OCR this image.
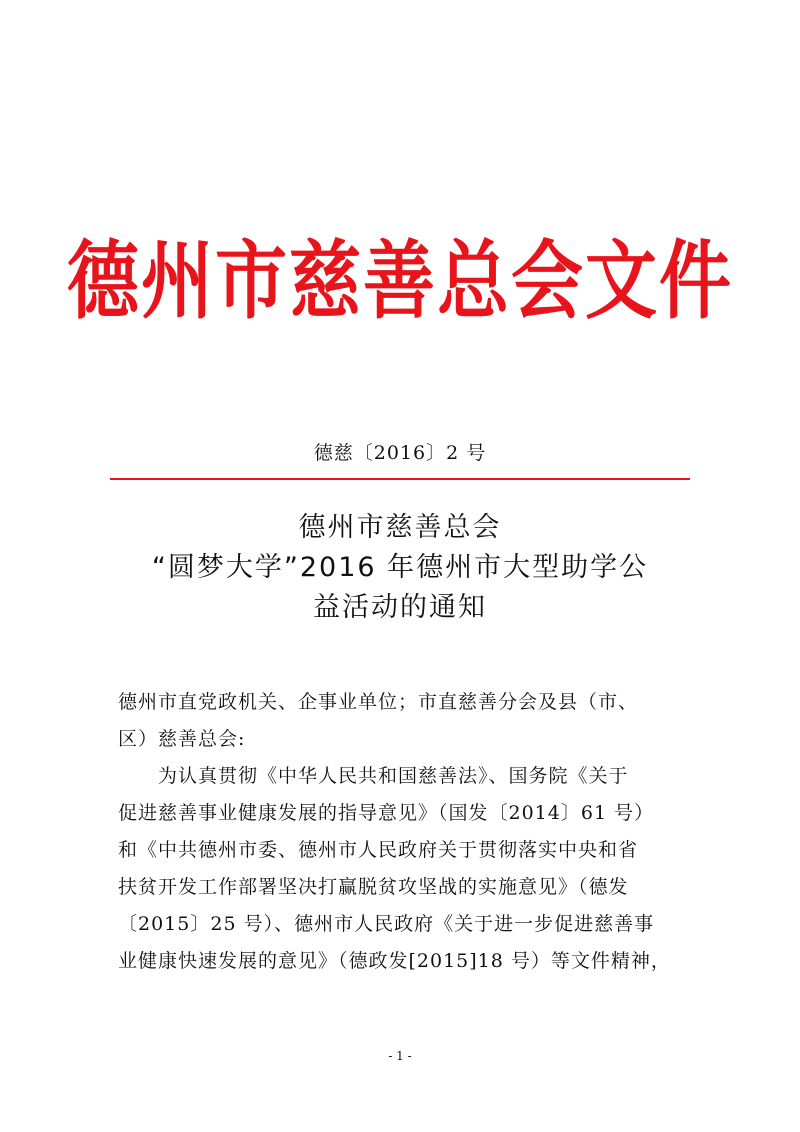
德州市慈善总会文件
德慈〔2016〕2 号
德州市慈善总会
“圆梦大学”2016 年德州市大型助学公
益活动的通知
德州市直党政机关、企事业单位；市直慈善分会及县（市、
区）慈善总会:
为认真贯彻《中华人民共和国慈善法》、国务院《关于
促进慈善事业健康发展的指导意见》（国发〔2014〕61 号）
和《中共德州市委、德州市人民政府关于贯彻落实中央和省
扶贫开发工作部署坚决打赢脱贫攻坚战的实施意见》（德发
〔2015〕25 号）、德州市人民政府《关于进一步促进慈善事
业健康快速发展的意见》（德政发[2015]18 号）等文件精神，
- 1 -
